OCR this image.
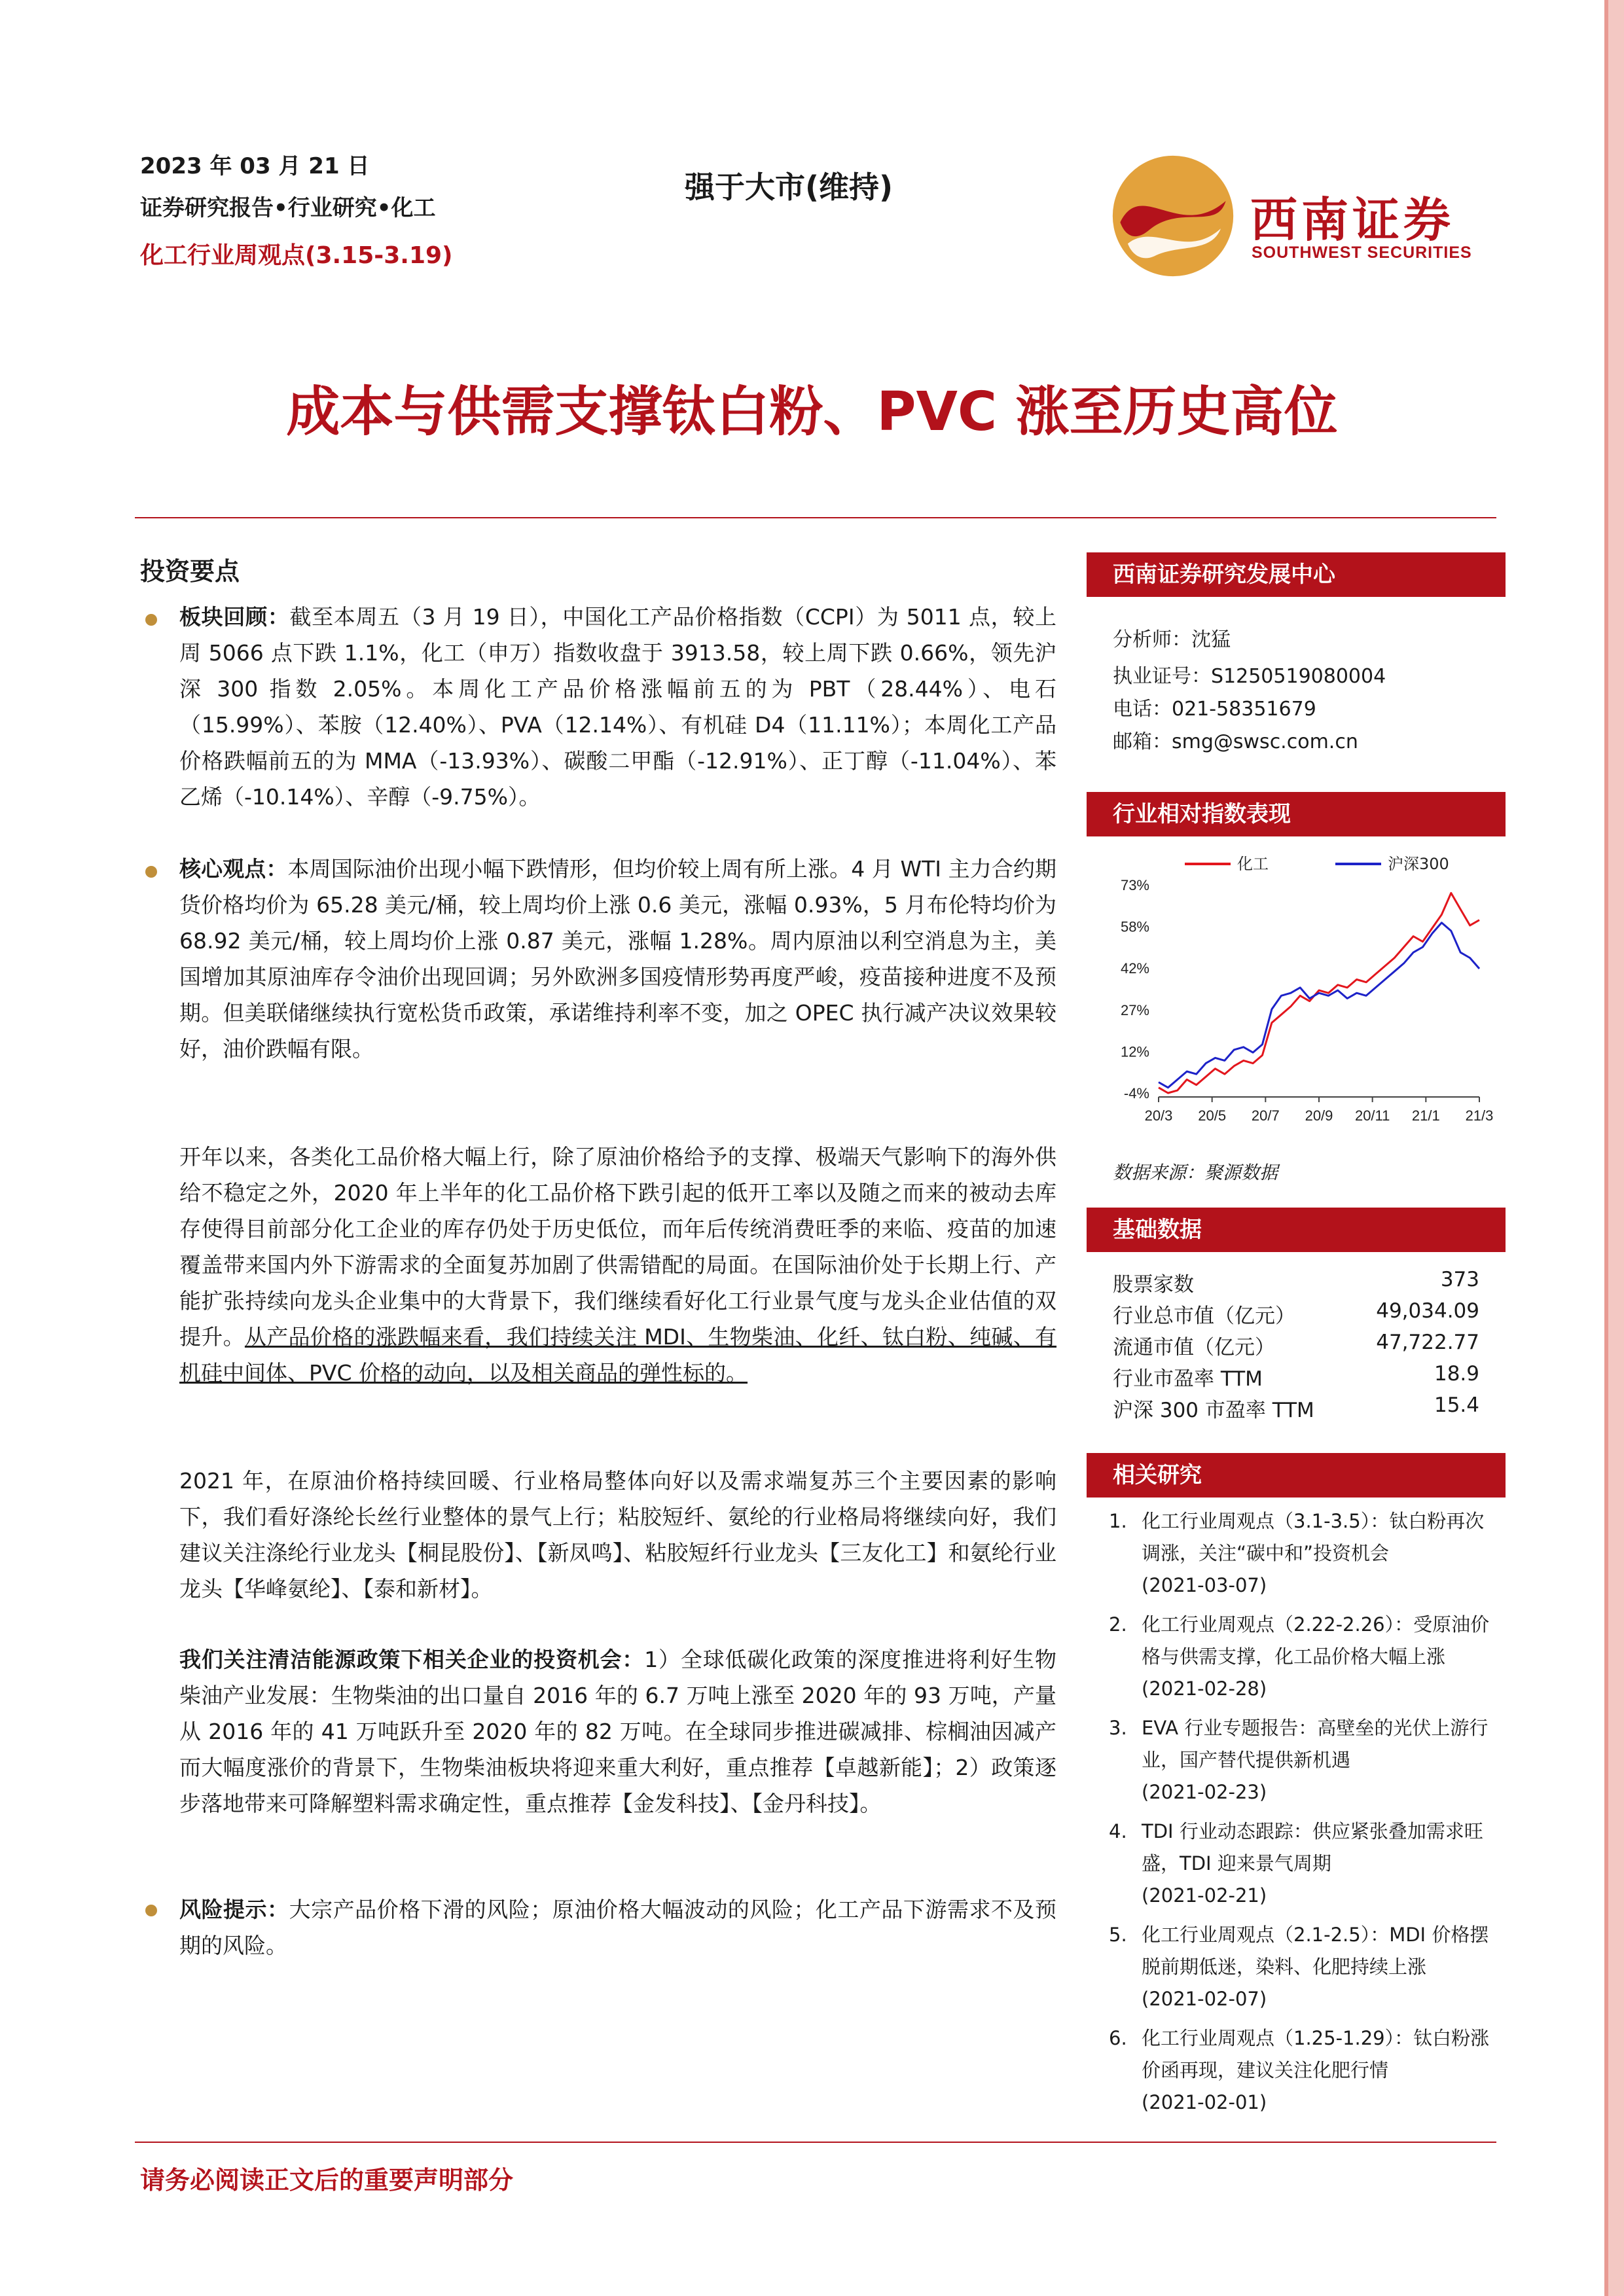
2023 年 03 月 21 日
证券研究报告•行业研究•化工
化工行业周观点(3.15-3.19)
强于大市(维持)
西南证券
SOUTHWEST SECURITIES
成本与供需支撑钛白粉、PVC 涨至历史高位
投资要点
板块回顾：截至本周五（3 月 19 日），中国化工产品价格指数（CCPI）为 5011 点，较上周 5066 点下跌 1.1%，化工（申万）指数收盘于 3913.58，较上周下跌 0.66%，领先沪深 300 指数 2.05%。本周化工产品价格涨幅前五的为 PBT（28.44%）、电石（15.99%）、苯胺（12.40%）、PVA（12.14%）、有机硅 D4（11.11%）；本周化工产品价格跌幅前五的为 MMA（-13.93%）、碳酸二甲酯（-12.91%）、正丁醇（-11.04%）、苯乙烯（-10.14%）、辛醇（-9.75%）。
核心观点：本周国际油价出现小幅下跌情形，但均价较上周有所上涨。4 月 WTI 主力合约期货价格均价为 65.28 美元/桶，较上周均价上涨 0.6 美元，涨幅 0.93%，5 月布伦特均价为 68.92 美元/桶，较上周均价上涨 0.87 美元，涨幅 1.28%。周内原油以利空消息为主，美国增加其原油库存令油价出现回调；另外欧洲多国疫情形势再度严峻，疫苗接种进度不及预期。但美联储继续执行宽松货币政策，承诺维持利率不变，加之 OPEC 执行减产决议效果较好，油价跌幅有限。
开年以来，各类化工品价格大幅上行，除了原油价格给予的支撑、极端天气影响下的海外供给不稳定之外，2020 年上半年的化工品价格下跌引起的低开工率以及随之而来的被动去库存使得目前部分化工企业的库存仍处于历史低位，而年后传统消费旺季的来临、疫苗的加速覆盖带来国内外下游需求的全面复苏加剧了供需错配的局面。在国际油价处于长期上行、产能扩张持续向龙头企业集中的大背景下，我们继续看好化工行业景气度与龙头企业估值的双提升。从产品价格的涨跌幅来看，我们持续关注 MDI、生物柴油、化纤、钛白粉、纯碱、有机硅中间体、PVC 价格的动向，以及相关商品的弹性标的。
2021 年，在原油价格持续回暖、行业格局整体向好以及需求端复苏三个主要因素的影响下，我们看好涤纶长丝行业整体的景气上行；粘胶短纤、氨纶的行业格局将继续向好，我们建议关注涤纶行业龙头【桐昆股份】、【新凤鸣】、粘胶短纤行业龙头【三友化工】和氨纶行业龙头【华峰氨纶】、【泰和新材】。
我们关注清洁能源政策下相关企业的投资机会：1）全球低碳化政策的深度推进将利好生物柴油产业发展：生物柴油的出口量自 2016 年的 6.7 万吨上涨至 2020 年的 93 万吨，产量从 2016 年的 41 万吨跃升至 2020 年的 82 万吨。在全球同步推进碳减排、棕榈油因减产而大幅度涨价的背景下，生物柴油板块将迎来重大利好，重点推荐【卓越新能】；2）政策逐步落地带来可降解塑料需求确定性，重点推荐【金发科技】、【金丹科技】。
风险提示：大宗产品价格下滑的风险；原油价格大幅波动的风险；化工产品下游需求不及预期的风险。
西南证券研究发展中心
分析师：沈猛
执业证号：S1250519080004
电话：021-58351679
邮箱：smg@swsc.com.cn
行业相对指数表现
73%
58%
42%
27%
12%
-4%
20/3 20/5 20/7 20/9 20/11 21/1 21/3
化工	沪深300
数据来源：聚源数据
基础数据
股票家数	373
行业总市值（亿元）	49,034.09
流通市值（亿元）	47,722.77
行业市盈率 TTM	18.9
沪深 300 市盈率 TTM	15.4
相关研究
1. 化工行业周观点（3.1-3.5）：钛白粉再次调涨，关注“碳中和”投资机会
(2021-03-07)
2. 化工行业周观点（2.22-2.26）：受原油价格与供需支撑，化工品价格大幅上涨
(2021-02-28)
3. EVA 行业专题报告：高壁垒的光伏上游行业，国产替代提供新机遇
(2021-02-23)
4. TDI 行业动态跟踪：供应紧张叠加需求旺盛，TDI 迎来景气周期
(2021-02-21)
5. 化工行业周观点（2.1-2.5）：MDI 价格摆脱前期低迷，染料、化肥持续上涨
(2021-02-07)
6. 化工行业周观点（1.25-1.29）：钛白粉涨价函再现，建议关注化肥行情
(2021-02-01)
请务必阅读正文后的重要声明部分
